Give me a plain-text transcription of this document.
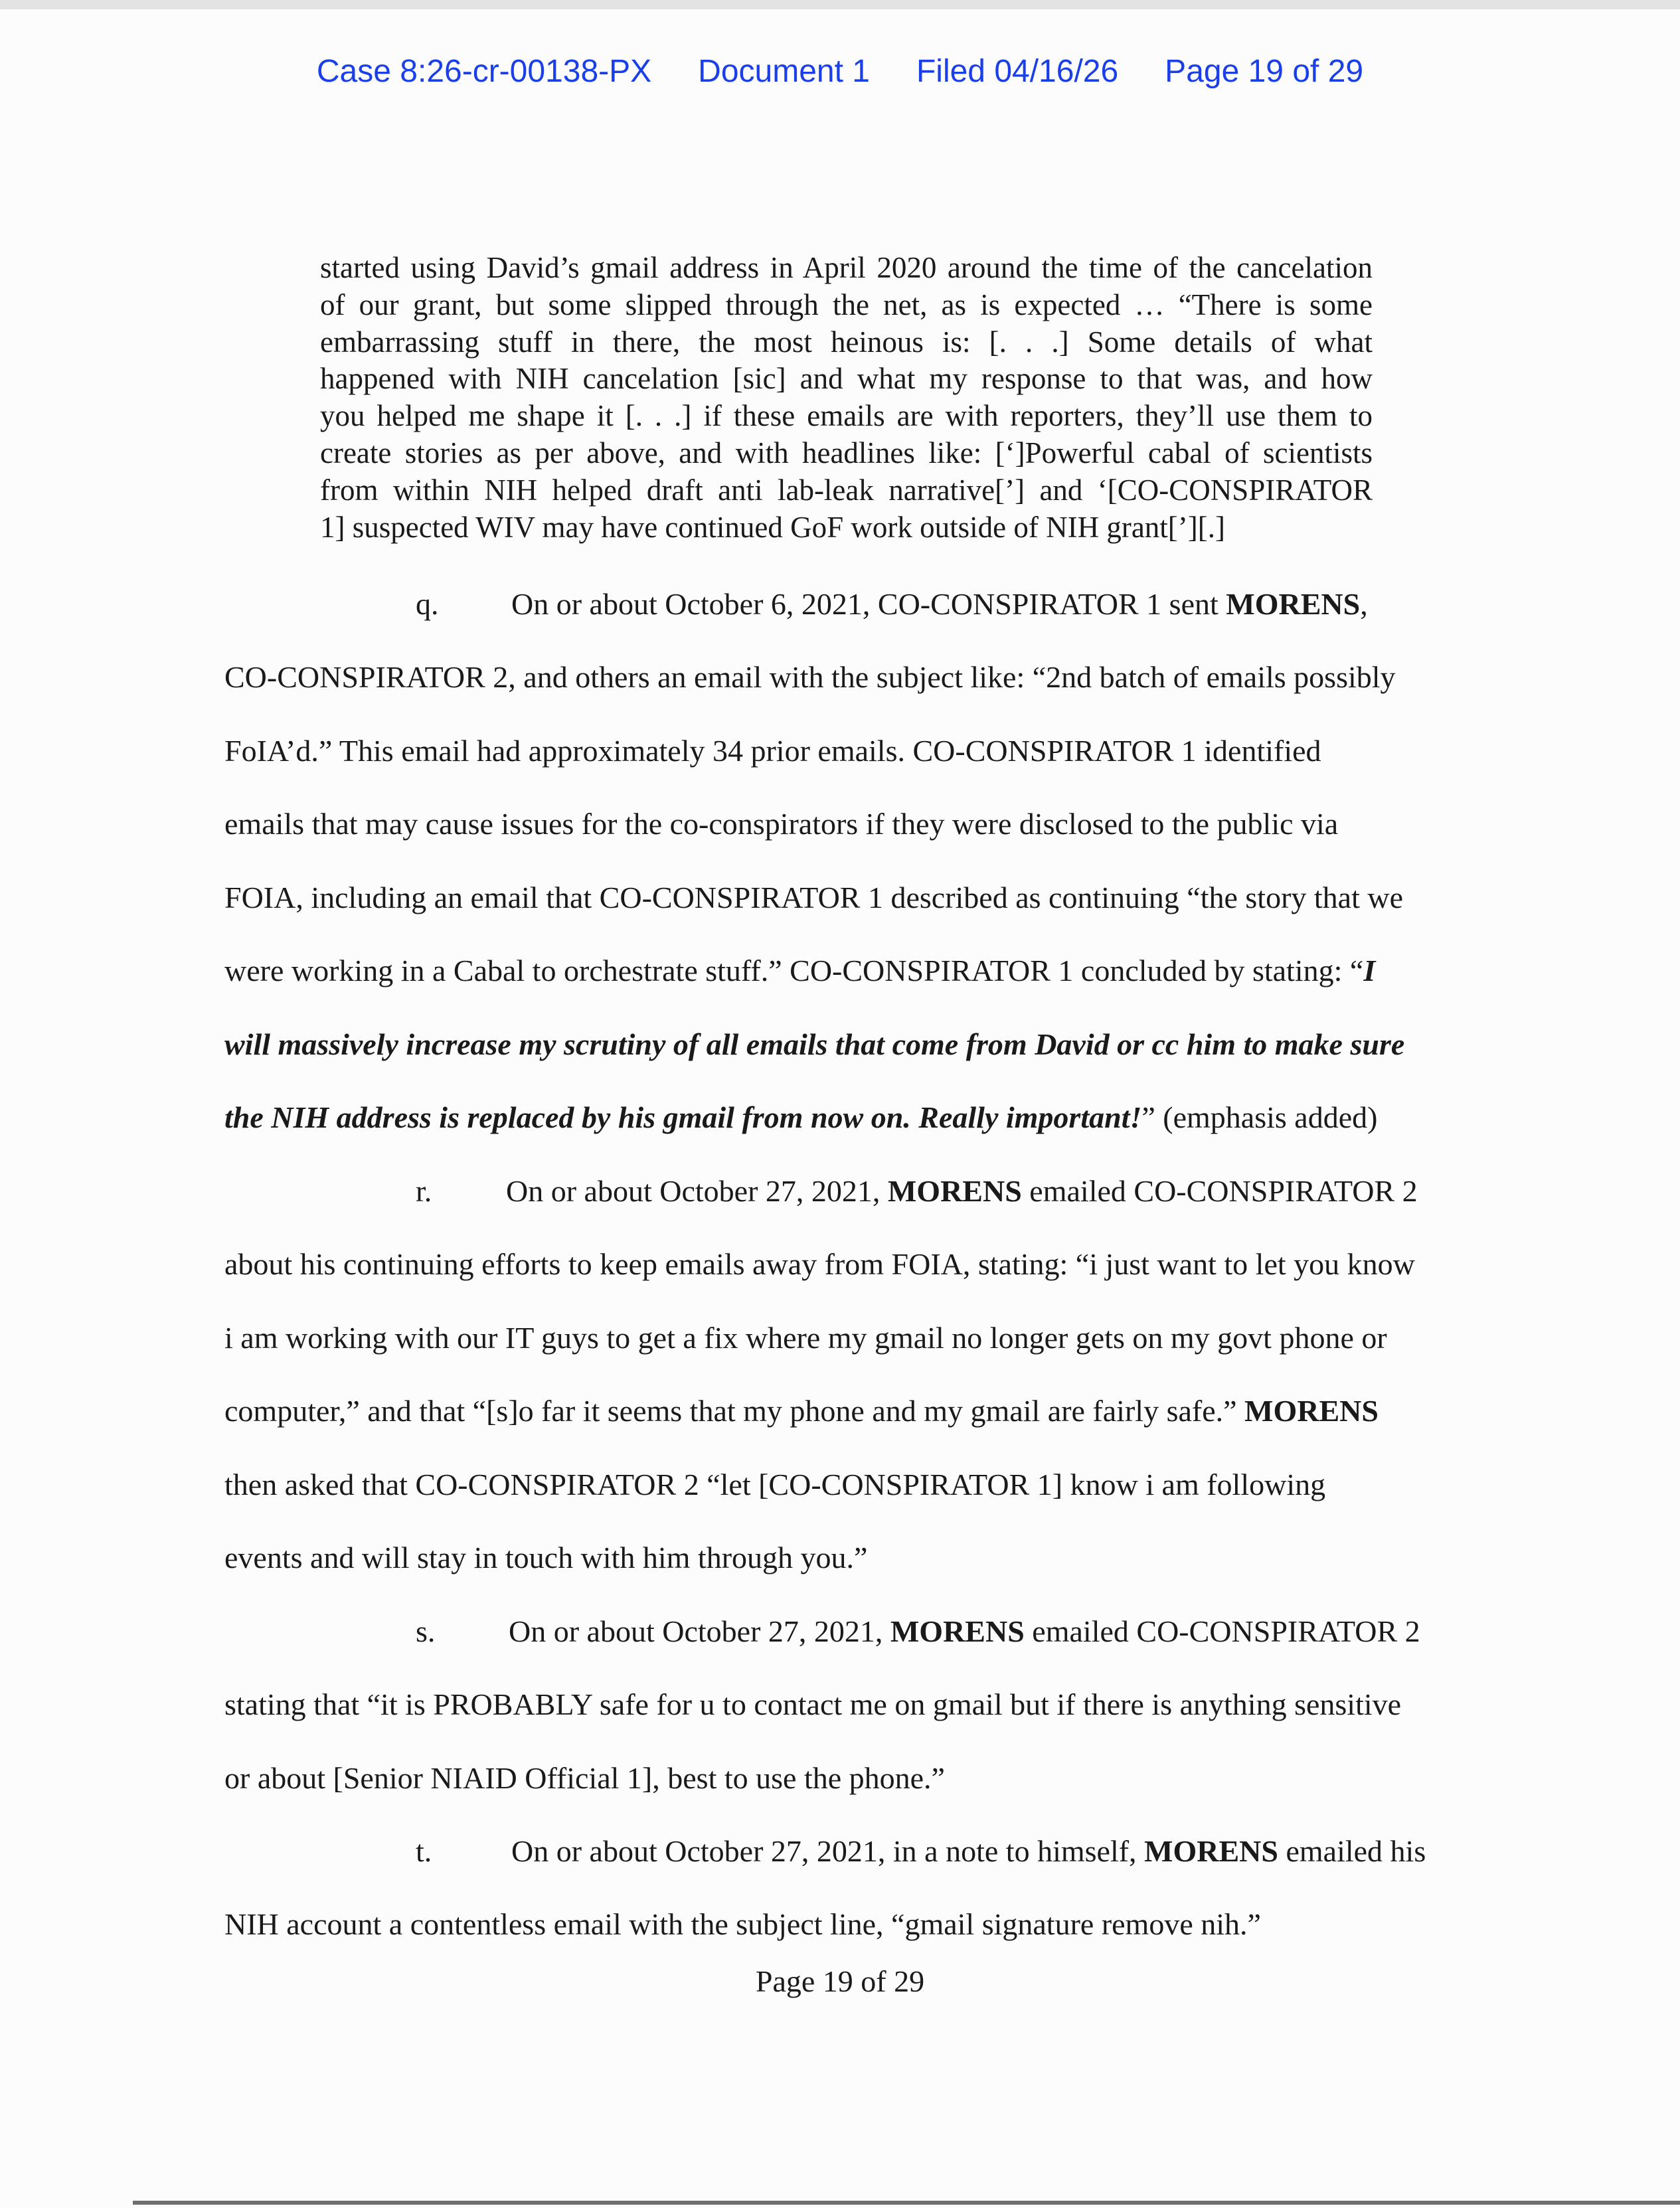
Case 8:26-cr-00138-PX Document 1 Filed 04/16/26 Page 19 of 29
started using David’s gmail address in April 2020 around the time of the cancelation
of our grant, but some slipped through the net, as is expected … “There is some
embarrassing stuff in there, the most heinous is: [. . .] Some details of what
happened with NIH cancelation [sic] and what my response to that was, and how
you helped me shape it [. . .] if these emails are with reporters, they’ll use them to
create stories as per above, and with headlines like: [‘]Powerful cabal of scientists
from within NIH helped draft anti lab-leak narrative[’] and ‘[CO-CONSPIRATOR
1] suspected WIV may have continued GoF work outside of NIH grant[’][.]
q. On or about October 6, 2021, CO-CONSPIRATOR 1 sent MORENS,
CO-CONSPIRATOR 2, and others an email with the subject like: “2nd batch of emails possibly
FoIA’d.” This email had approximately 34 prior emails. CO-CONSPIRATOR 1 identified
emails that may cause issues for the co-conspirators if they were disclosed to the public via
FOIA, including an email that CO-CONSPIRATOR 1 described as continuing “the story that we
were working in a Cabal to orchestrate stuff.” CO-CONSPIRATOR 1 concluded by stating: “I
will massively increase my scrutiny of all emails that come from David or cc him to make sure
the NIH address is replaced by his gmail from now on. Really important!” (emphasis added)
r. On or about October 27, 2021, MORENS emailed CO-CONSPIRATOR 2
about his continuing efforts to keep emails away from FOIA, stating: “i just want to let you know
i am working with our IT guys to get a fix where my gmail no longer gets on my govt phone or
computer,” and that “[s]o far it seems that my phone and my gmail are fairly safe.” MORENS
then asked that CO-CONSPIRATOR 2 “let [CO-CONSPIRATOR 1] know i am following
events and will stay in touch with him through you.”
s. On or about October 27, 2021, MORENS emailed CO-CONSPIRATOR 2
stating that “it is PROBABLY safe for u to contact me on gmail but if there is anything sensitive
or about [Senior NIAID Official 1], best to use the phone.”
t.	On or about October 27, 2021, in a note to himself, MORENS emailed his
NIH account a contentless email with the subject line, “gmail signature remove nih.”
Page 19 of 29
